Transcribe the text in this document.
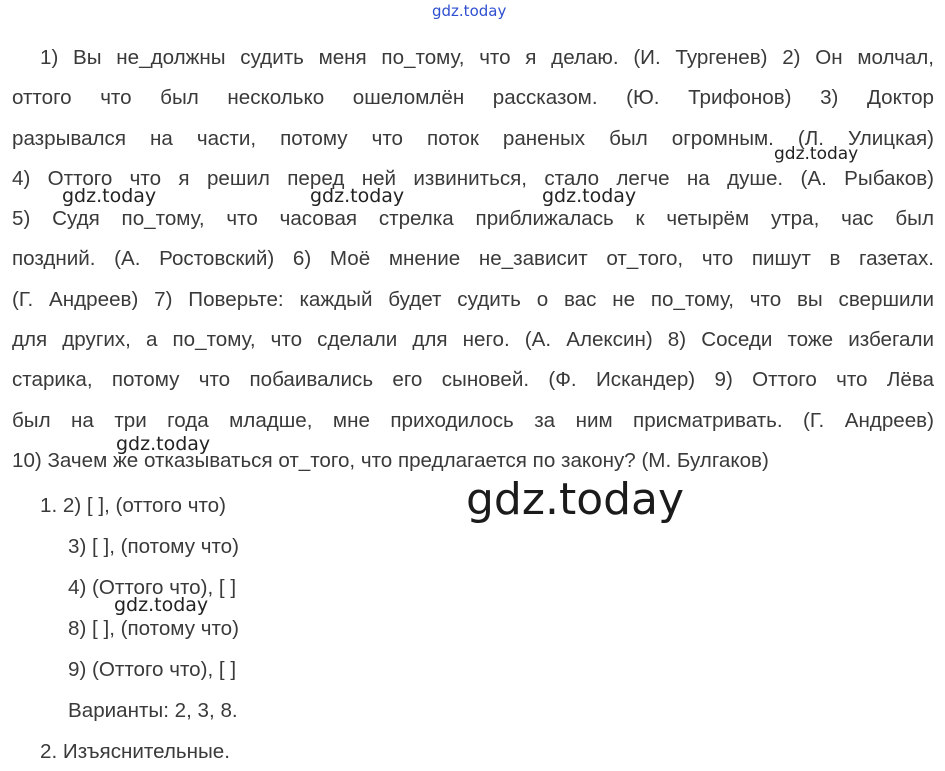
gdz.today
1) Вы не_должны судить меня по_тому, что я делаю. (И. Тургенев) 2) Он молчал,
оттого что был несколько ошеломлён рассказом. (Ю. Трифонов) 3) Доктор
разрывался на части, потому что поток раненых был огромным. (Л. Улицкая)
4) Оттого что я решил перед ней извиниться, стало легче на душе. (А. Рыбаков)
5) Судя по_тому, что часовая стрелка приближалась к четырём утра, час был
поздний. (А. Ростовский) 6) Моё мнение не_зависит от_того, что пишут в газетах.
(Г. Андреев) 7) Поверьте: каждый будет судить о вас не по_тому, что вы свершили
для других, а по_тому, что сделали для него. (А. Алексин) 8) Соседи тоже избегали
старика, потому что побаивались его сыновей. (Ф. Искандер) 9) Оттого что Лёва
был на три года младше, мне приходилось за ним присматривать. (Г. Андреев)
10) Зачем же отказываться от_того, что предлагается по закону? (М. Булгаков)
1. 2) [ ], (оттого что)
3) [ ], (потому что)
4) (Оттого что), [ ]
8) [ ], (потому что)
9) (Оттого что), [ ]
Варианты: 2, 3, 8.
2. Изъяснительные.
gdz.today
gdz.today	gdz.today	gdz.today
gdz.today
gdz.today
gdz.today
